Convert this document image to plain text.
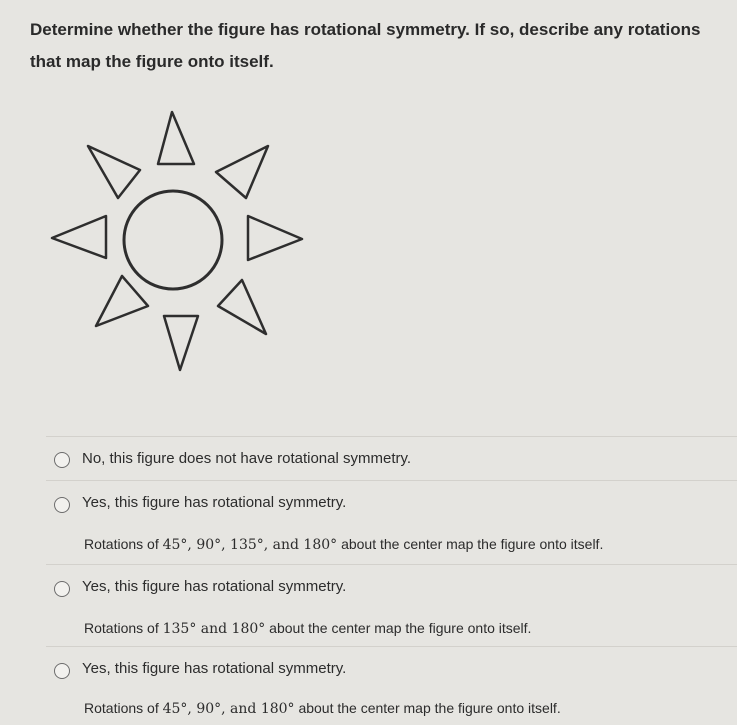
Determine whether the figure has rotational symmetry. If so, describe any rotations that map the figure onto itself.
No, this figure does not have rotational symmetry.
Yes, this figure has rotational symmetry.
Rotations of 45°, 90°, 135°, and 180° about the center map the figure onto itself.
Yes, this figure has rotational symmetry.
Rotations of 135° and 180° about the center map the figure onto itself.
Yes, this figure has rotational symmetry.
Rotations of 45°, 90°, and 180° about the center map the figure onto itself.
